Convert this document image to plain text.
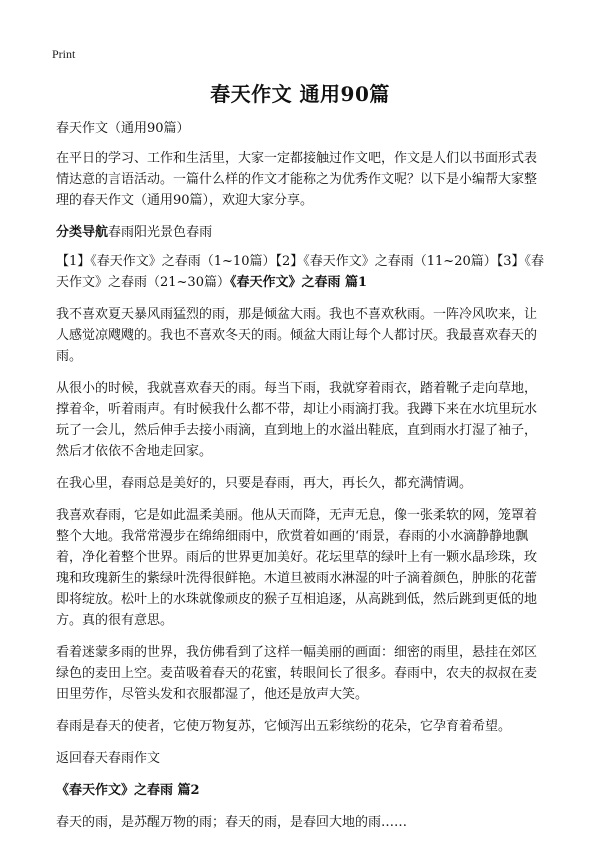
Print
春天作文 通用90篇

春天作文（通用90篇）

在平日的学习、工作和生活里，大家一定都接触过作文吧，作文是人们以书面形式表情达意的言语活动。一篇什么样的作文才能称之为优秀作文呢？以下是小编帮大家整理的春天作文（通用90篇），欢迎大家分享。

分类导航春雨阳光景色春雨

【1】《春天作文》之春雨（1~10篇）【2】《春天作文》之春雨（11~20篇）【3】《春天作文》之春雨（21~30篇）《春天作文》之春雨 篇1

我不喜欢夏天暴风雨猛烈的雨，那是倾盆大雨。我也不喜欢秋雨。一阵冷风吹来，让人感觉凉飕飕的。我也不喜欢冬天的雨。倾盆大雨让每个人都讨厌。我最喜欢春天的雨。

从很小的时候，我就喜欢春天的雨。每当下雨，我就穿着雨衣，踏着靴子走向草地，撑着伞，听着雨声。有时候我什么都不带，却让小雨滴打我。我蹲下来在水坑里玩水玩了一会儿，然后伸手去接小雨滴，直到地上的水溢出鞋底，直到雨水打湿了袖子，然后才依依不舍地走回家。

在我心里，春雨总是美好的，只要是春雨，再大，再长久，都充满情调。

我喜欢春雨，它是如此温柔美丽。他从天而降，无声无息，像一张柔软的网，笼罩着整个大地。我常常漫步在绵绵细雨中，欣赏着如画的‘雨景，春雨的小水滴静静地飘着，净化着整个世界。雨后的世界更加美好。花坛里草的绿叶上有一颗水晶珍珠，玫瑰和玫瑰新生的紫绿叶洗得很鲜艳。木道旦被雨水淋湿的叶子滴着颜色，肿胀的花蕾即将绽放。松叶上的水珠就像顽皮的猴子互相追逐，从高跳到低，然后跳到更低的地方。真的很有意思。

看着迷蒙多雨的世界，我仿佛看到了这样一幅美丽的画面：细密的雨里，悬挂在郊区绿色的麦田上空。麦苗吸着春天的花蜜，转眼间长了很多。春雨中，农夫的叔叔在麦田里劳作，尽管头发和衣服都湿了，他还是放声大笑。

春雨是春天的使者，它使万物复苏，它倾泻出五彩缤纷的花朵，它孕育着希望。

返回春天春雨作文

《春天作文》之春雨 篇2

春天的雨，是苏醒万物的雨；春天的雨，是春回大地的雨……
